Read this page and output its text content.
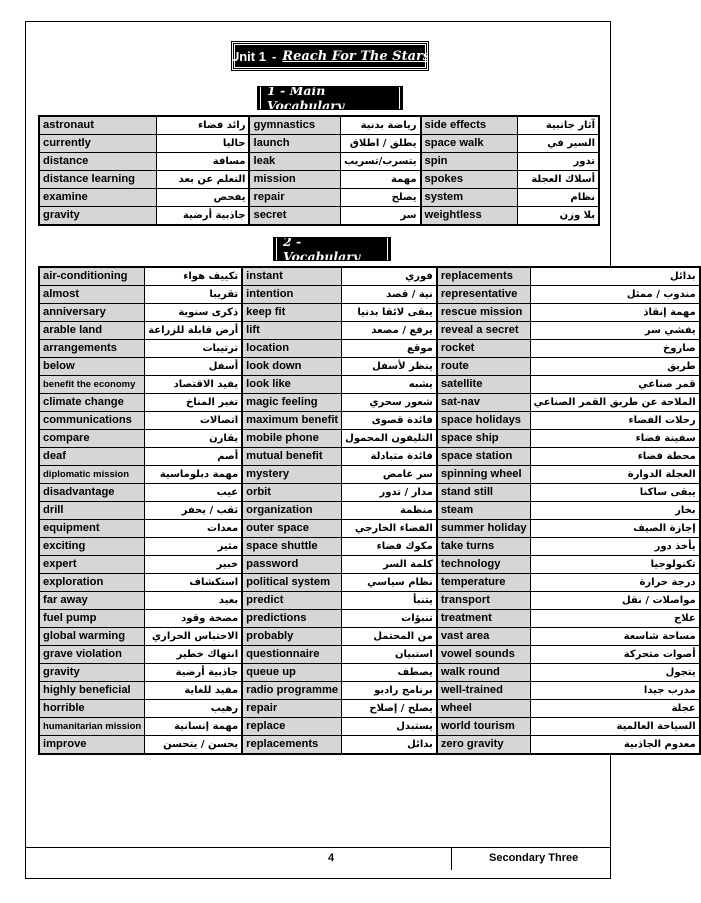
Unit 1 - Reach For The Stars
1 - Main Vocabulary
astronaut	رائد فضاء	gymnastics	رياضة بدنية	side effects	آثار جانبية
currently	حاليا	launch	يطلق / اطلاق	space walk	السير في
distance	مسافة	leak	يتسرب/تسريب	spin	تدور
distance learning	التعلم عن بعد	mission	مهمة	spokes	أسلاك العجلة
examine	يفحص	repair	يصلح	system	نظام
gravity	جاذبية أرضية	secret	سر	weightless	بلا وزن
2 - Vocabulary
air-conditioning	تكييف هواء	instant	فوري	replacements	بدائل
almost	تقريبا	intention	نية / قصد	representative	مندوب / ممثل
anniversary	ذكرى سنوية	keep fit	يبقى لائقا بدنيا	rescue mission	مهمة إنقاذ
arable land	أرض قابلة للزراعة	lift	يرفع / مصعد	reveal a secret	يفشي سر
arrangements	ترتيبات	location	موقع	rocket	صاروخ
below	أسفل	look down	ينظر لأسفل	route	طريق
benefit the economy	يفيد الاقتصاد	look like	يشبه	satellite	قمر صناعي
climate change	تغير المناخ	magic feeling	شعور سحري	sat-nav	الملاحة عن طريق القمر الصناعي
communications	اتصالات	maximum benefit	فائدة قصوى	space holidays	رحلات الفضاء
compare	يقارن	mobile phone	التليفون المحمول	space ship	سفينة فضاء
deaf	أصم	mutual benefit	فائدة متبادلة	space station	محطة فضاء
diplomatic mission	مهمة دبلوماسية	mystery	سر غامض	spinning wheel	العجلة الدوارة
disadvantage	عيب	orbit	مدار / تدور	stand still	يبقى ساكنا
drill	ثقب / يحفر	organization	منظمة	steam	بخار
equipment	معدات	outer space	الفضاء الخارجي	summer holiday	إجازة الصيف
exciting	مثير	space shuttle	مكوك فضاء	take turns	يأخذ دور
expert	خبير	password	كلمة السر	technology	تكنولوجيا
exploration	استكشاف	political system	نظام سياسي	temperature	درجة حرارة
far away	بعيد	predict	يتنبأ	transport	مواصلات / نقل
fuel pump	مضخة وقود	predictions	تنبؤات	treatment	علاج
global warming	الاحتباس الحراري	probably	من المحتمل	vast area	مساحة شاسعة
grave violation	انتهاك خطير	questionnaire	استبيان	vowel sounds	أصوات متحركة
gravity	جاذبية أرضية	queue up	يصطف	walk round	يتجول
highly beneficial	مفيد للغاية	radio programme	برنامج راديو	well-trained	مدرب جيدا
horrible	رهيب	repair	يصلح / إصلاح	wheel	عجلة
humanitarian mission	مهمة إنسانية	replace	يستبدل	world tourism	السياحة العالمية
improve	يحسن / يتحسن	replacements	بدائل	zero gravity	معدوم الجاذبية
4	Secondary Three
